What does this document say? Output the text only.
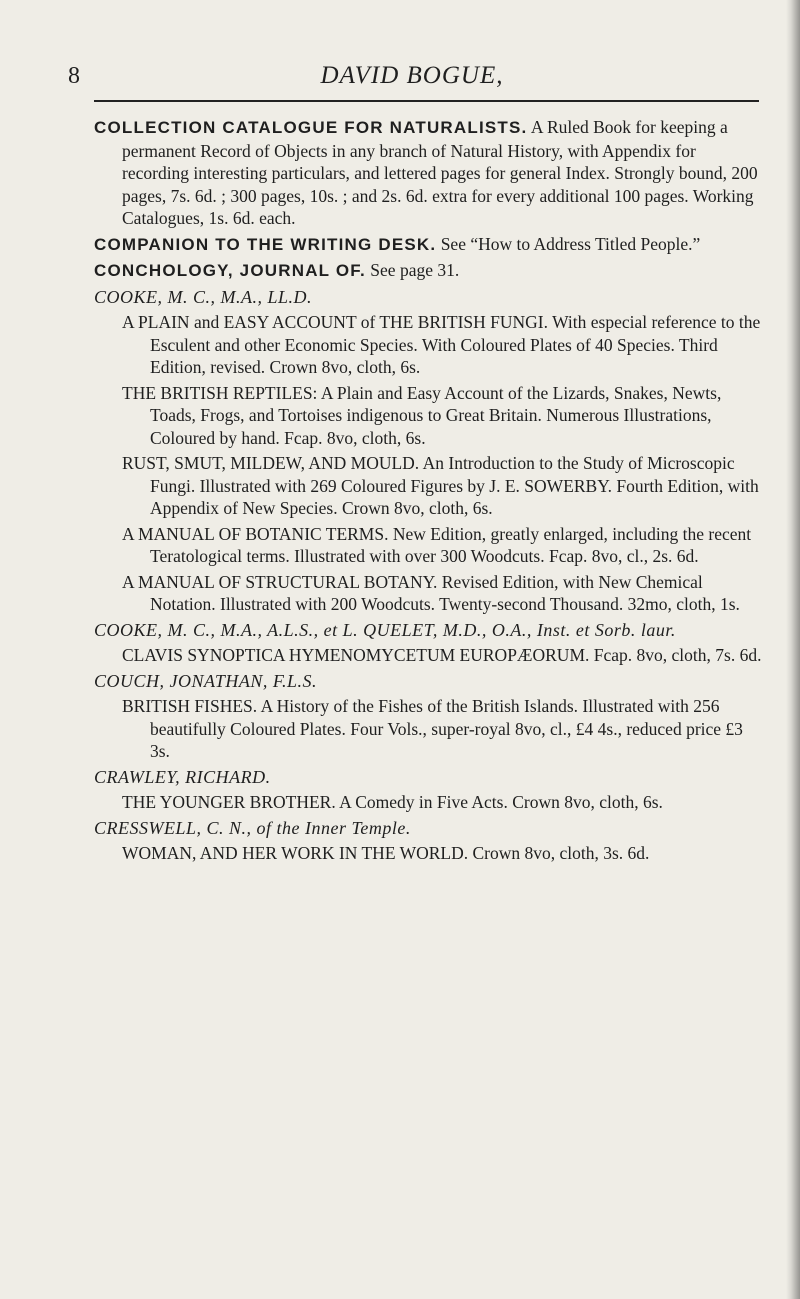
8	DAVID BOGUE,

COLLECTION CATALOGUE FOR NATURALISTS. A Ruled Book for keeping a permanent Record of Objects in any branch of Natural History, with Appendix for recording interesting particulars, and lettered pages for general Index. Strongly bound, 200 pages, 7s. 6d. ; 300 pages, 10s. ; and 2s. 6d. extra for every additional 100 pages. Working Catalogues, 1s. 6d. each.

COMPANION TO THE WRITING DESK. See “How to Address Titled People.”

CONCHOLOGY, JOURNAL OF. See page 31.

COOKE, M. C., M.A., LL.D.

A PLAIN and EASY ACCOUNT of THE BRITISH FUNGI. With especial reference to the Esculent and other Economic Species. With Coloured Plates of 40 Species. Third Edition, revised. Crown 8vo, cloth, 6s.

THE BRITISH REPTILES: A Plain and Easy Account of the Lizards, Snakes, Newts, Toads, Frogs, and Tortoises indigenous to Great Britain. Numerous Illustrations, Coloured by hand. Fcap. 8vo, cloth, 6s.

RUST, SMUT, MILDEW, AND MOULD. An Introduction to the Study of Microscopic Fungi. Illustrated with 269 Coloured Figures by J. E. SOWERBY. Fourth Edition, with Appendix of New Species. Crown 8vo, cloth, 6s.

A MANUAL OF BOTANIC TERMS. New Edition, greatly enlarged, including the recent Teratological terms. Illustrated with over 300 Woodcuts. Fcap. 8vo, cl., 2s. 6d.

A MANUAL OF STRUCTURAL BOTANY. Revised Edition, with New Chemical Notation. Illustrated with 200 Woodcuts. Twenty-second Thousand. 32mo, cloth, 1s.

COOKE, M. C., M.A., A.L.S., et L. QUELET, M.D., O.A., Inst. et Sorb. laur.

CLAVIS SYNOPTICA HYMENOMYCETUM EUROPÆORUM. Fcap. 8vo, cloth, 7s. 6d.

COUCH, JONATHAN, F.L.S.

BRITISH FISHES. A History of the Fishes of the British Islands. Illustrated with 256 beautifully Coloured Plates. Four Vols., super-royal 8vo, cl., £4 4s., reduced price £3 3s.

CRAWLEY, RICHARD.

THE YOUNGER BROTHER. A Comedy in Five Acts. Crown 8vo, cloth, 6s.

CRESSWELL, C. N., of the Inner Temple.

WOMAN, AND HER WORK IN THE WORLD. Crown 8vo, cloth, 3s. 6d.
